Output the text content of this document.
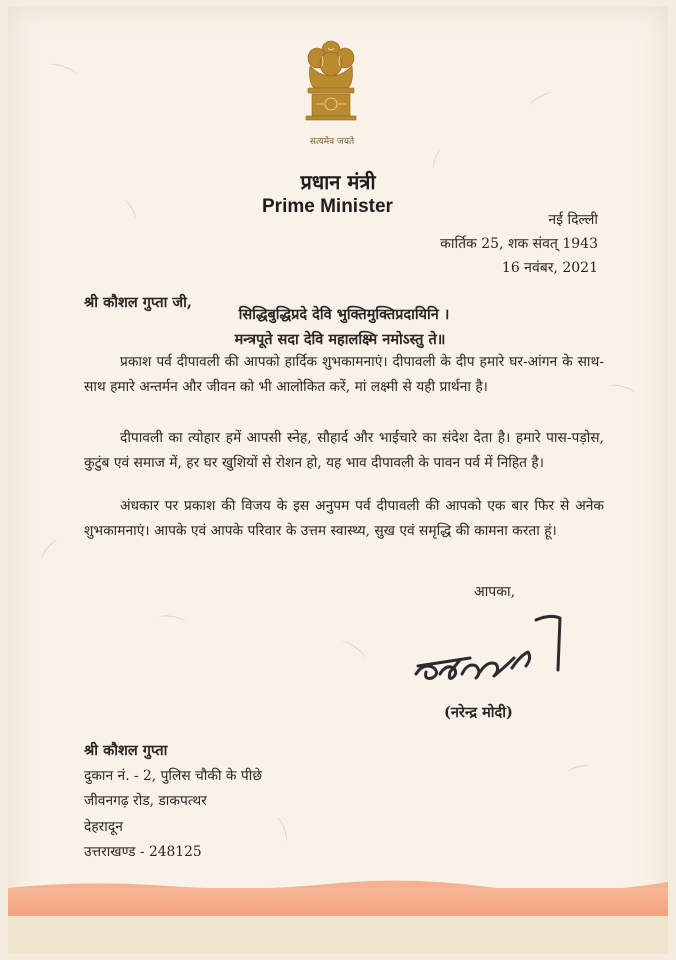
सत्यमेव जयते
प्रधान मंत्री
Prime Minister
नई दिल्ली
कार्तिक 25, शक संवत् 1943
16 नवंबर, 2021
श्री कौशल गुप्ता जी,
सिद्धिबुद्धिप्रदे देवि भुक्तिमुक्तिप्रदायिनि ।
मन्त्रपूते सदा देवि महालक्ष्मि नमोऽस्तु ते॥
प्रकाश पर्व दीपावली की आपको हार्दिक शुभकामनाएं। दीपावली के दीप हमारे घर-आंगन के साथ-साथ हमारे अन्तर्मन और जीवन को भी आलोकित करें, मां लक्ष्मी से यही प्रार्थना है।
दीपावली का त्योहार हमें आपसी स्नेह, सौहार्द और भाईचारे का संदेश देता है। हमारे पास-पड़ोस, कुटुंब एवं समाज में, हर घर खुशियों से रोशन हो, यह भाव दीपावली के पावन पर्व में निहित है।
अंधकार पर प्रकाश की विजय के इस अनुपम पर्व दीपावली की आपको एक बार फिर से अनेक शुभकामनाएं। आपके एवं आपके परिवार के उत्तम स्वास्थ्य, सुख एवं समृद्धि की कामना करता हूं।
आपका,
(नरेन्द्र मोदी)
श्री कौशल गुप्ता
दुकान नं. - 2, पुलिस चौकी के पीछे
जीवनगढ़ रोड, डाकपत्थर
देहरादून
उत्तराखण्ड - 248125
